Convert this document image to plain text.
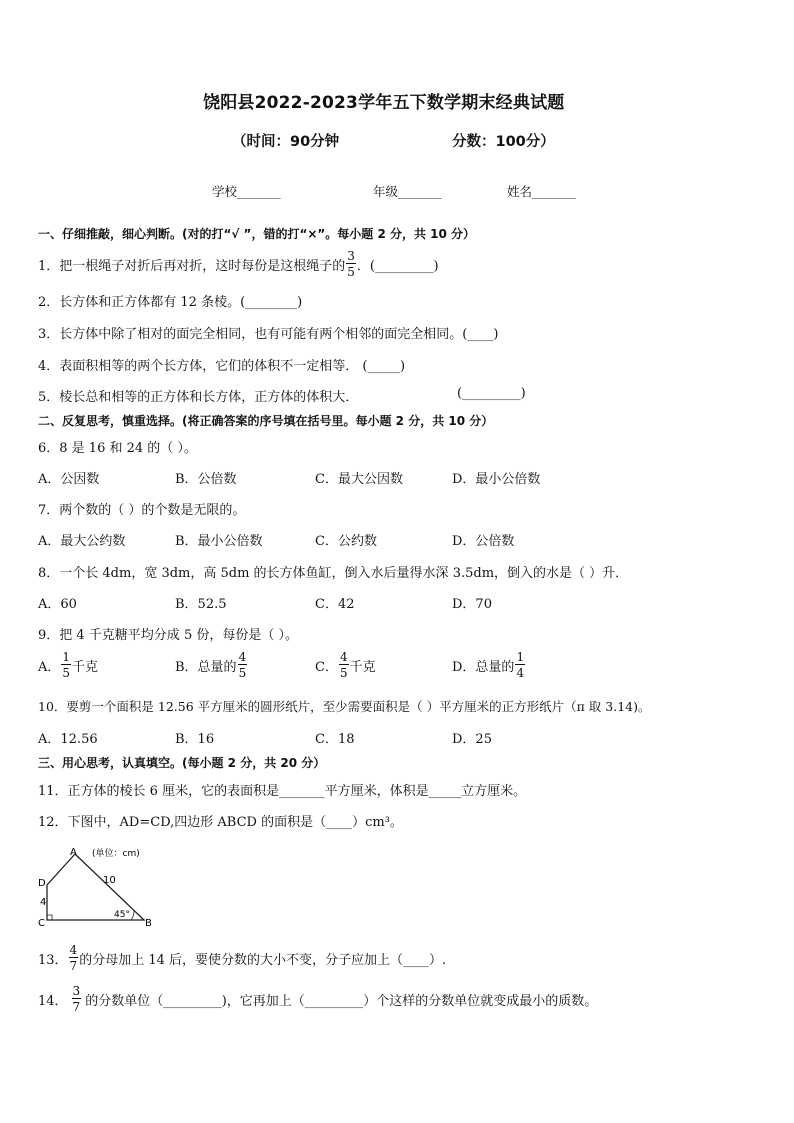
饶阳县2022-2023学年五下数学期末经典试题
（时间：90分钟	分数：100分）
学校_______	年级_______	姓名_______
一、仔细推敲，细心判断。(对的打“√ ”，错的打“×”。每小题 2 分，共 10 分）
1．把一根绳子对折后再对折，这时每份是这根绳子的 $\frac{3}{5}$ ．(_________)
2．长方体和正方体都有 12 条棱。(________)
3．长方体中除了相对的面完全相同，也有可能有两个相邻的面完全相同。(____)
4．表面积相等的两个长方体，它们的体积不一定相等． (_____)
5．棱长总和相等的正方体和长方体，正方体的体积大．	(_________)
二、反复思考，慎重选择。(将正确答案的序号填在括号里。每小题 2 分，共 10 分）
6．8 是 16 和 24 的（ ）。
A．公因数	B．公倍数	C．最大公因数	D．最小公倍数
7．两个数的（ ）的个数是无限的。
A．最大公约数	B．最小公倍数	C．公约数	D．公倍数
8．一个长 4dm，宽 3dm，高 5dm 的长方体鱼缸，倒入水后量得水深 3.5dm，倒入的水是（ ）升．
A．60	B．52.5	C．42	D．70
9．把 4 千克糖平均分成 5 份，每份是（ ）。
A． $\frac{1}{5}$ 千克	B．总量的 $\frac{4}{5}$	C． $\frac{4}{5}$ 千克	D．总量的 $\frac{1}{4}$
10．要剪一个面积是 12.56 平方厘米的圆形纸片，至少需要面积是（ ）平方厘米的正方形纸片（π 取 3.14)。
A．12.56	B．16	C．18	D．25
三、用心思考，认真填空。(每小题 2 分，共 20 分）
11．正方体的棱长 6 厘米，它的表面积是_______平方厘米，体积是_____立方厘米。
12．下图中，AD=CD,四边形 ABCD 的面积是（____）cm³。
A (单位：cm)
D
C	B
10
4
45°
13． $\frac{4}{7}$ 的分母加上 14 后，要使分数的大小不变，分子应加上（____）.
14． $\frac{3}{7}$ 的分数单位（_________)，它再加上（_________）个这样的分数单位就变成最小的质数。
